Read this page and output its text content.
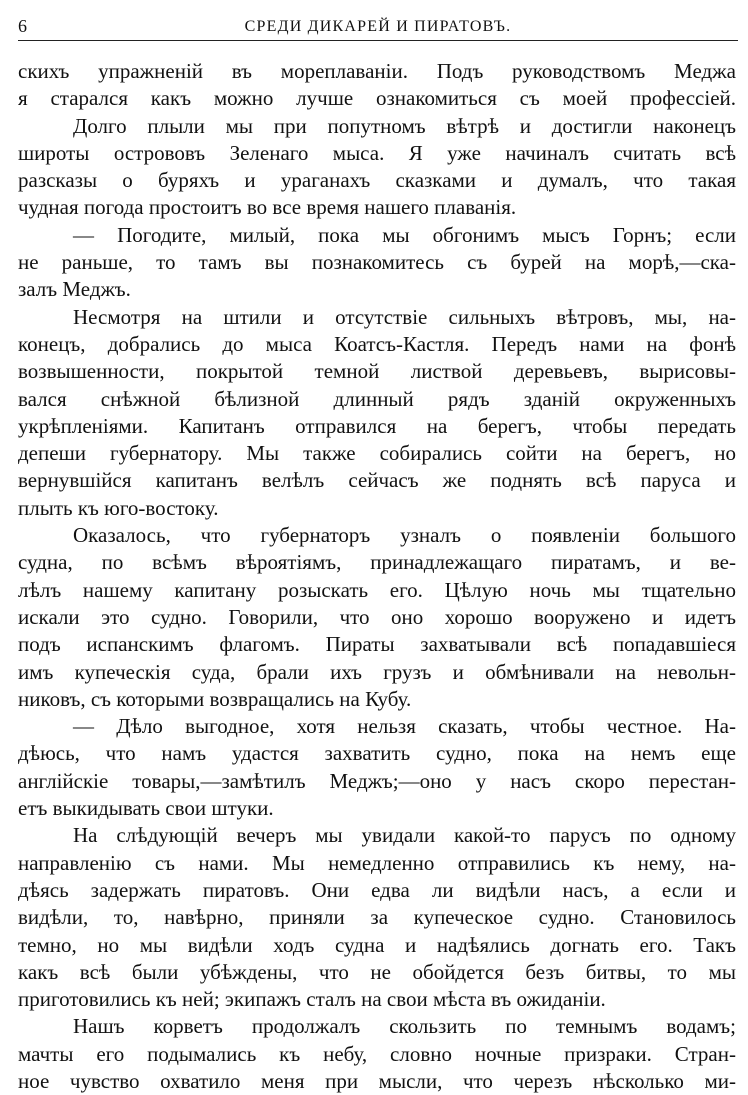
6	СРЕДИ ДИКАРЕЙ И ПИРАТОВЪ.
скихъ упражненій въ мореплаваніи. Подъ руководствомъ Меджа
я старался какъ можно лучше ознакомиться съ моей профессіей.
Долго плыли мы при попутномъ вѣтрѣ и достигли наконецъ
широты острововъ Зеленаго мыса. Я уже начиналъ считать всѣ
разсказы о буряхъ и ураганахъ сказками и думалъ, что такая
чудная погода простоитъ во все время нашего плаванія.
— Погодите, милый, пока мы обгонимъ мысъ Горнъ; если
не раньше, то тамъ вы познакомитесь съ бурей на морѣ,—ска-
залъ Меджъ.
Несмотря на штили и отсутствіе сильныхъ вѣтровъ, мы, на-
конецъ, добрались до мыса Коатсъ-Кастля. Передъ нами на фонѣ
возвышенности, покрытой темной листвой деревьевъ, вырисовы-
вался снѣжной бѣлизной длинный рядъ зданій окруженныхъ
укрѣпленіями. Капитанъ отправился на берегъ, чтобы передать
депеши губернатору. Мы также собирались сойти на берегъ, но
вернувшійся капитанъ велѣлъ сейчасъ же поднять всѣ паруса и
плыть къ юго-востоку.
Оказалось, что губернаторъ узналъ о появленіи большого
судна, по всѣмъ вѣроятіямъ, принадлежащаго пиратамъ, и ве-
лѣлъ нашему капитану розыскать его. Цѣлую ночь мы тщательно
искали это судно. Говорили, что оно хорошо вооружено и идетъ
подъ испанскимъ флагомъ. Пираты захватывали всѣ попадавшіеся
имъ купеческія суда, брали ихъ грузъ и обмѣнивали на невольн-
никовъ, съ которыми возвращались на Кубу.
— Дѣло выгодное, хотя нельзя сказать, чтобы честное. На-
дѣюсь, что намъ удастся захватить судно, пока на немъ еще
англійскіе товары,—замѣтилъ Меджъ;—оно у насъ скоро перестан-
етъ выкидывать свои штуки.
На слѣдующій вечеръ мы увидали какой-то парусъ по одному
направленію съ нами. Мы немедленно отправились къ нему, на-
дѣясь задержать пиратовъ. Они едва ли видѣли насъ, а если и
видѣли, то, навѣрно, приняли за купеческое судно. Становилось
темно, но мы видѣли ходъ судна и надѣялись догнать его. Такъ
какъ всѣ были убѣждены, что не обойдется безъ битвы, то мы
приготовились къ ней; экипажъ сталъ на свои мѣста въ ожиданіи.
Нашъ корветъ продолжалъ скользить по темнымъ водамъ;
мачты его подымались къ небу, словно ночные призраки. Стран-
ное чувство охватило меня при мысли, что черезъ нѣсколько ми-
